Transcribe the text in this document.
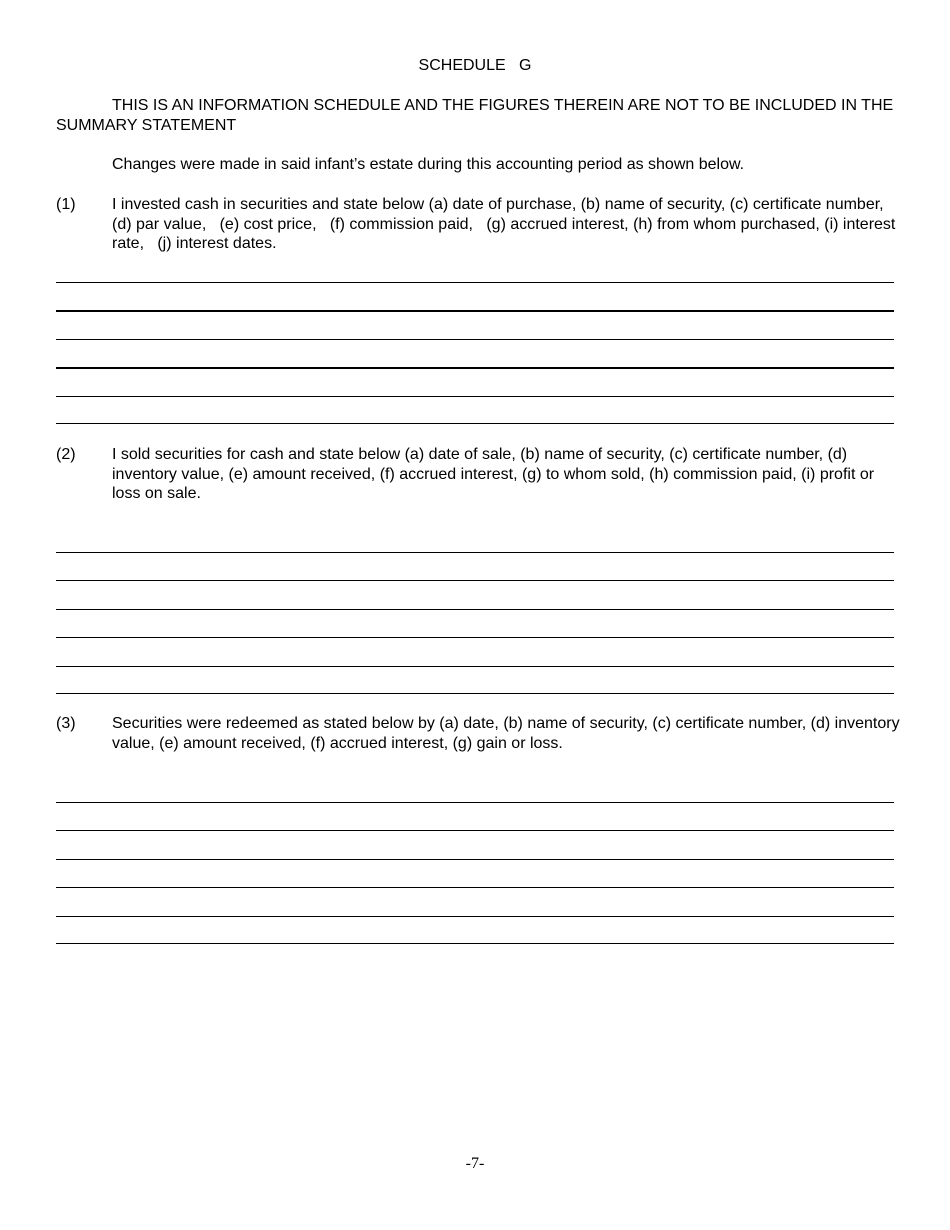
SCHEDULE   G
THIS IS AN INFORMATION SCHEDULE AND THE FIGURES THEREIN ARE NOT TO BE INCLUDED IN THE SUMMARY STATEMENT
Changes were made in said infant’s estate during this accounting period as shown below.
(1) I invested cash in securities and state below (a) date of purchase, (b) name of security, (c) certificate number, (d) par value,   (e) cost price,   (f) commission paid,   (g) accrued interest, (h) from whom purchased, (i) interest rate,   (j) interest dates.
(2) I sold securities for cash and state below (a) date of sale, (b) name of security, (c) certificate number, (d) inventory value, (e) amount received, (f) accrued interest, (g) to whom sold, (h) commission paid, (i) profit or loss on sale.
(3) Securities were redeemed as stated below by (a) date, (b) name of security, (c) certificate number, (d) inventory value, (e) amount received, (f) accrued interest, (g) gain or loss.
-7-
